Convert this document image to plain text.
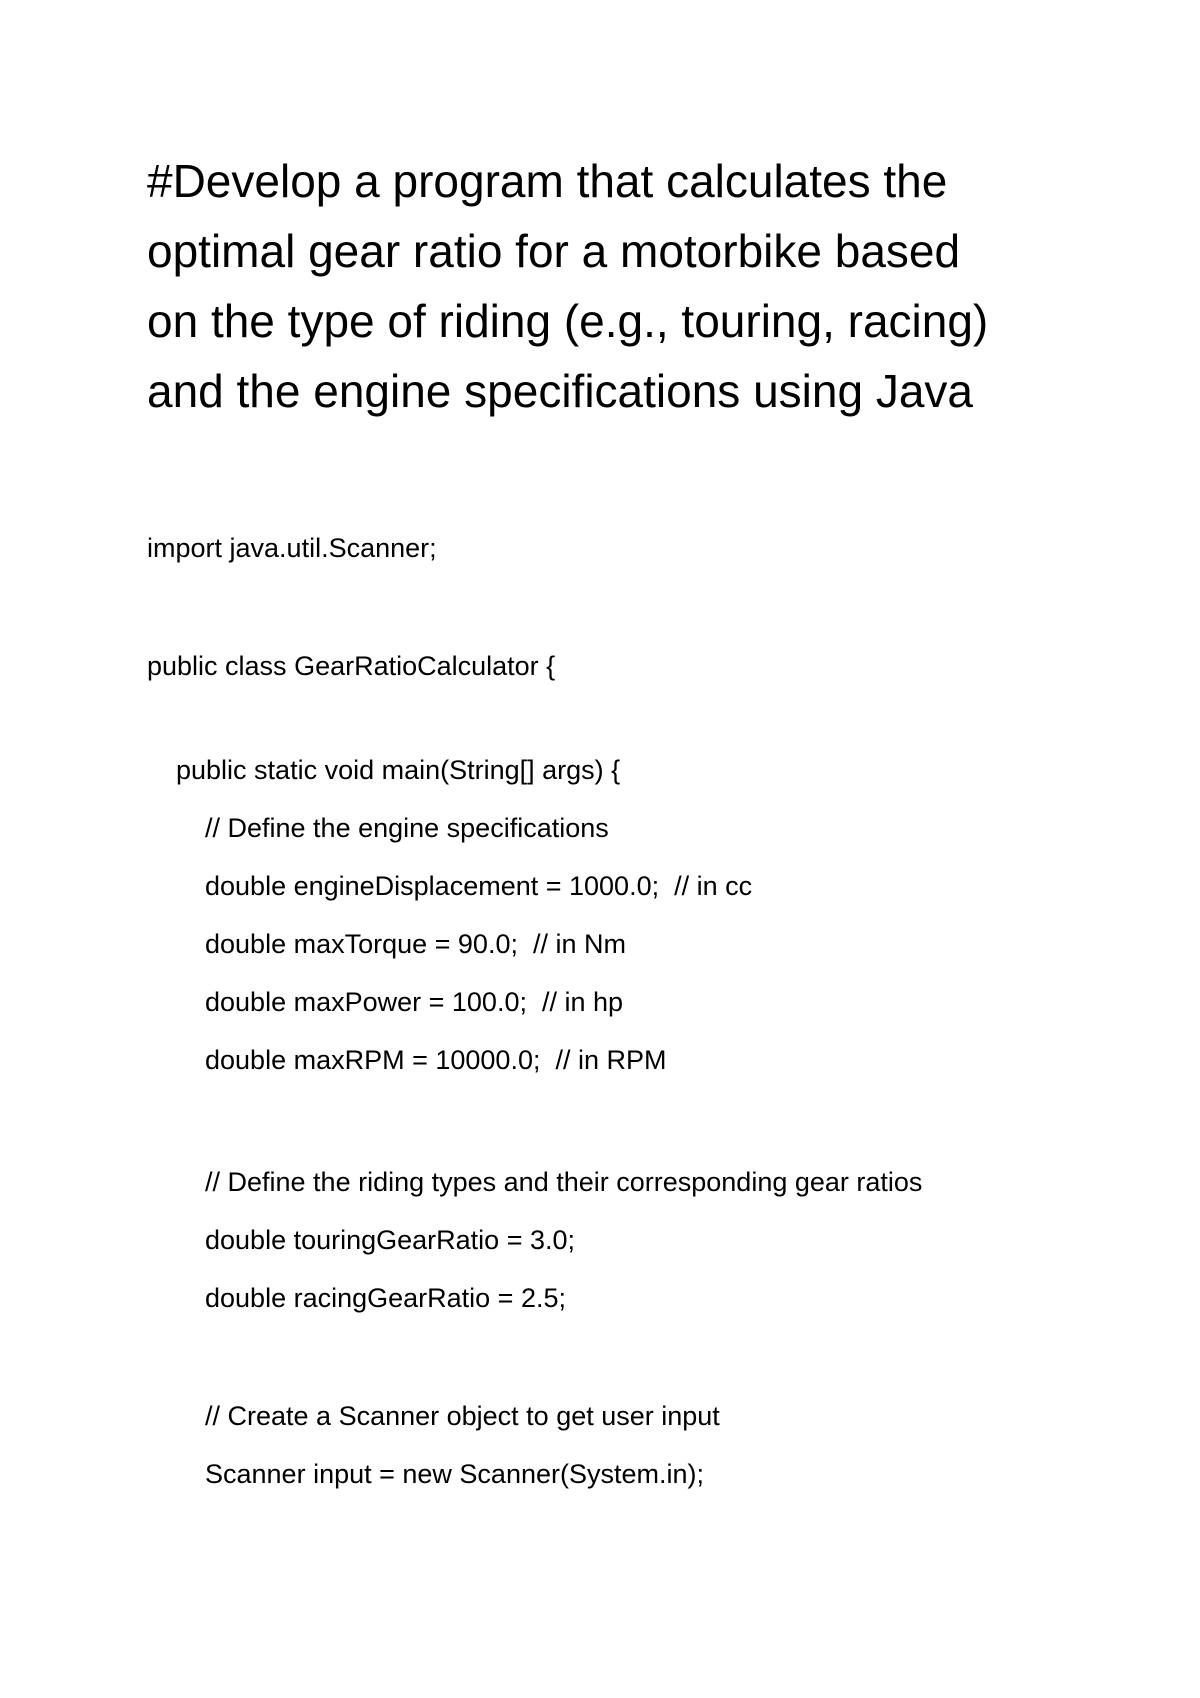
#Develop a program that calculates the
optimal gear ratio for a motorbike based
on the type of riding (e.g., touring, racing)
and the engine specifications using Java
import java.util.Scanner;
public class GearRatioCalculator {
public static void main(String[] args) {
// Define the engine specifications
double engineDisplacement = 1000.0;  // in cc
double maxTorque = 90.0;  // in Nm
double maxPower = 100.0;  // in hp
double maxRPM = 10000.0;  // in RPM
// Define the riding types and their corresponding gear ratios
double touringGearRatio = 3.0;
double racingGearRatio = 2.5;
// Create a Scanner object to get user input
Scanner input = new Scanner(System.in);
